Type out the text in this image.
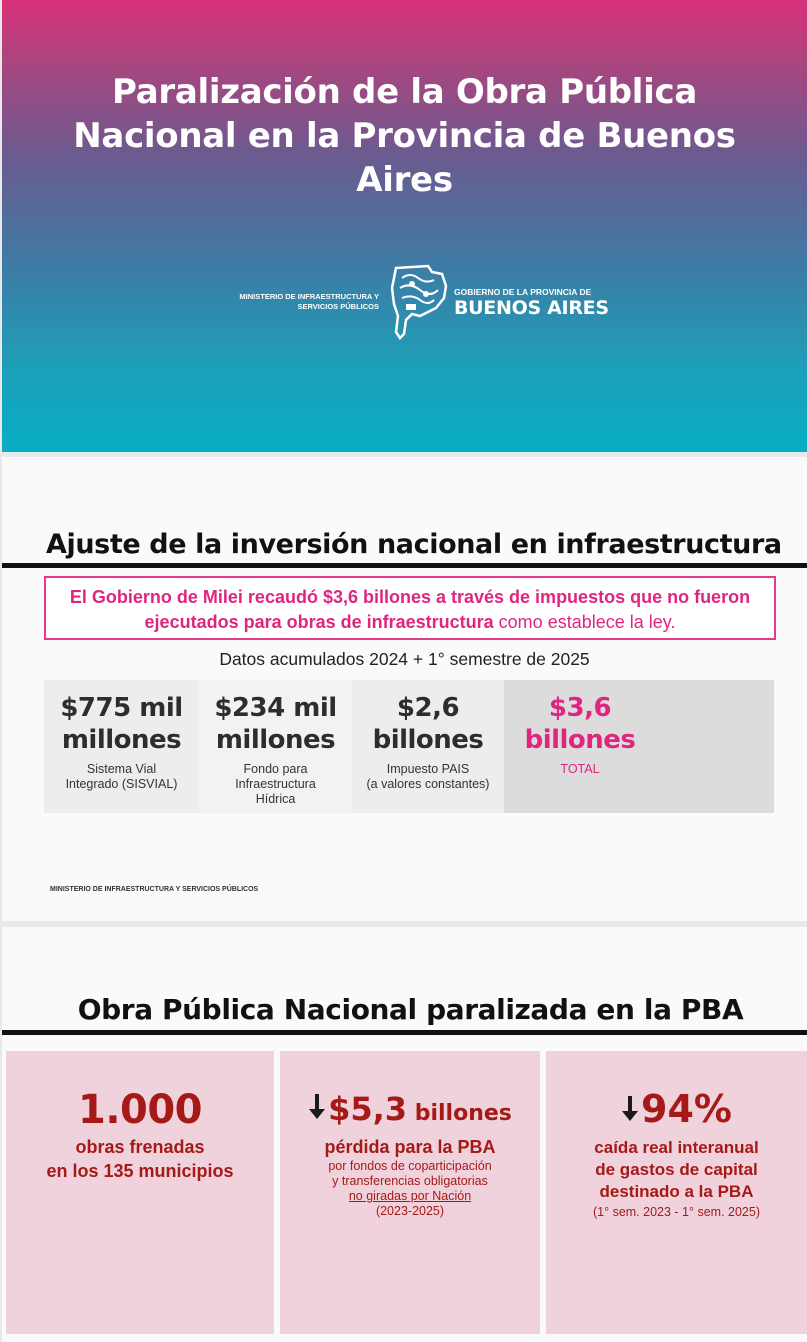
Paralización de la Obra Pública
Nacional en la Provincia de Buenos
Aires
MINISTERIO DE INFRAESTRUCTURA Y
SERVICIOS PÚBLICOS
GOBIERNO DE LA PROVINCIA DE
BUENOS AIRES
Ajuste de la inversión nacional en infraestructura
El Gobierno de Milei recaudó $3,6 billones a través de impuestos que no fueron
ejecutados para obras de infraestructura como establece la ley.
Datos acumulados 2024 + 1° semestre de 2025
$775 mil
millones
Sistema Vial
Integrado (SISVIAL)
$234 mil
millones
Fondo para
Infraestructura
Hídrica
$2,6
billones
Impuesto PAIS
(a valores constantes)
$3,6
billones
TOTAL
MINISTERIO DE INFRAESTRUCTURA Y SERVICIOS PÚBLICOS
Obra Pública Nacional paralizada en la PBA
1.000
obras frenadas
en los 135 municipios
$5,3 billones
pérdida para la PBA
por fondos de coparticipación
y transferencias obligatorias
no giradas por Nación
(2023-2025)
94%
caída real interanual
de gastos de capital
destinado a la PBA
(1° sem. 2023 - 1° sem. 2025)
